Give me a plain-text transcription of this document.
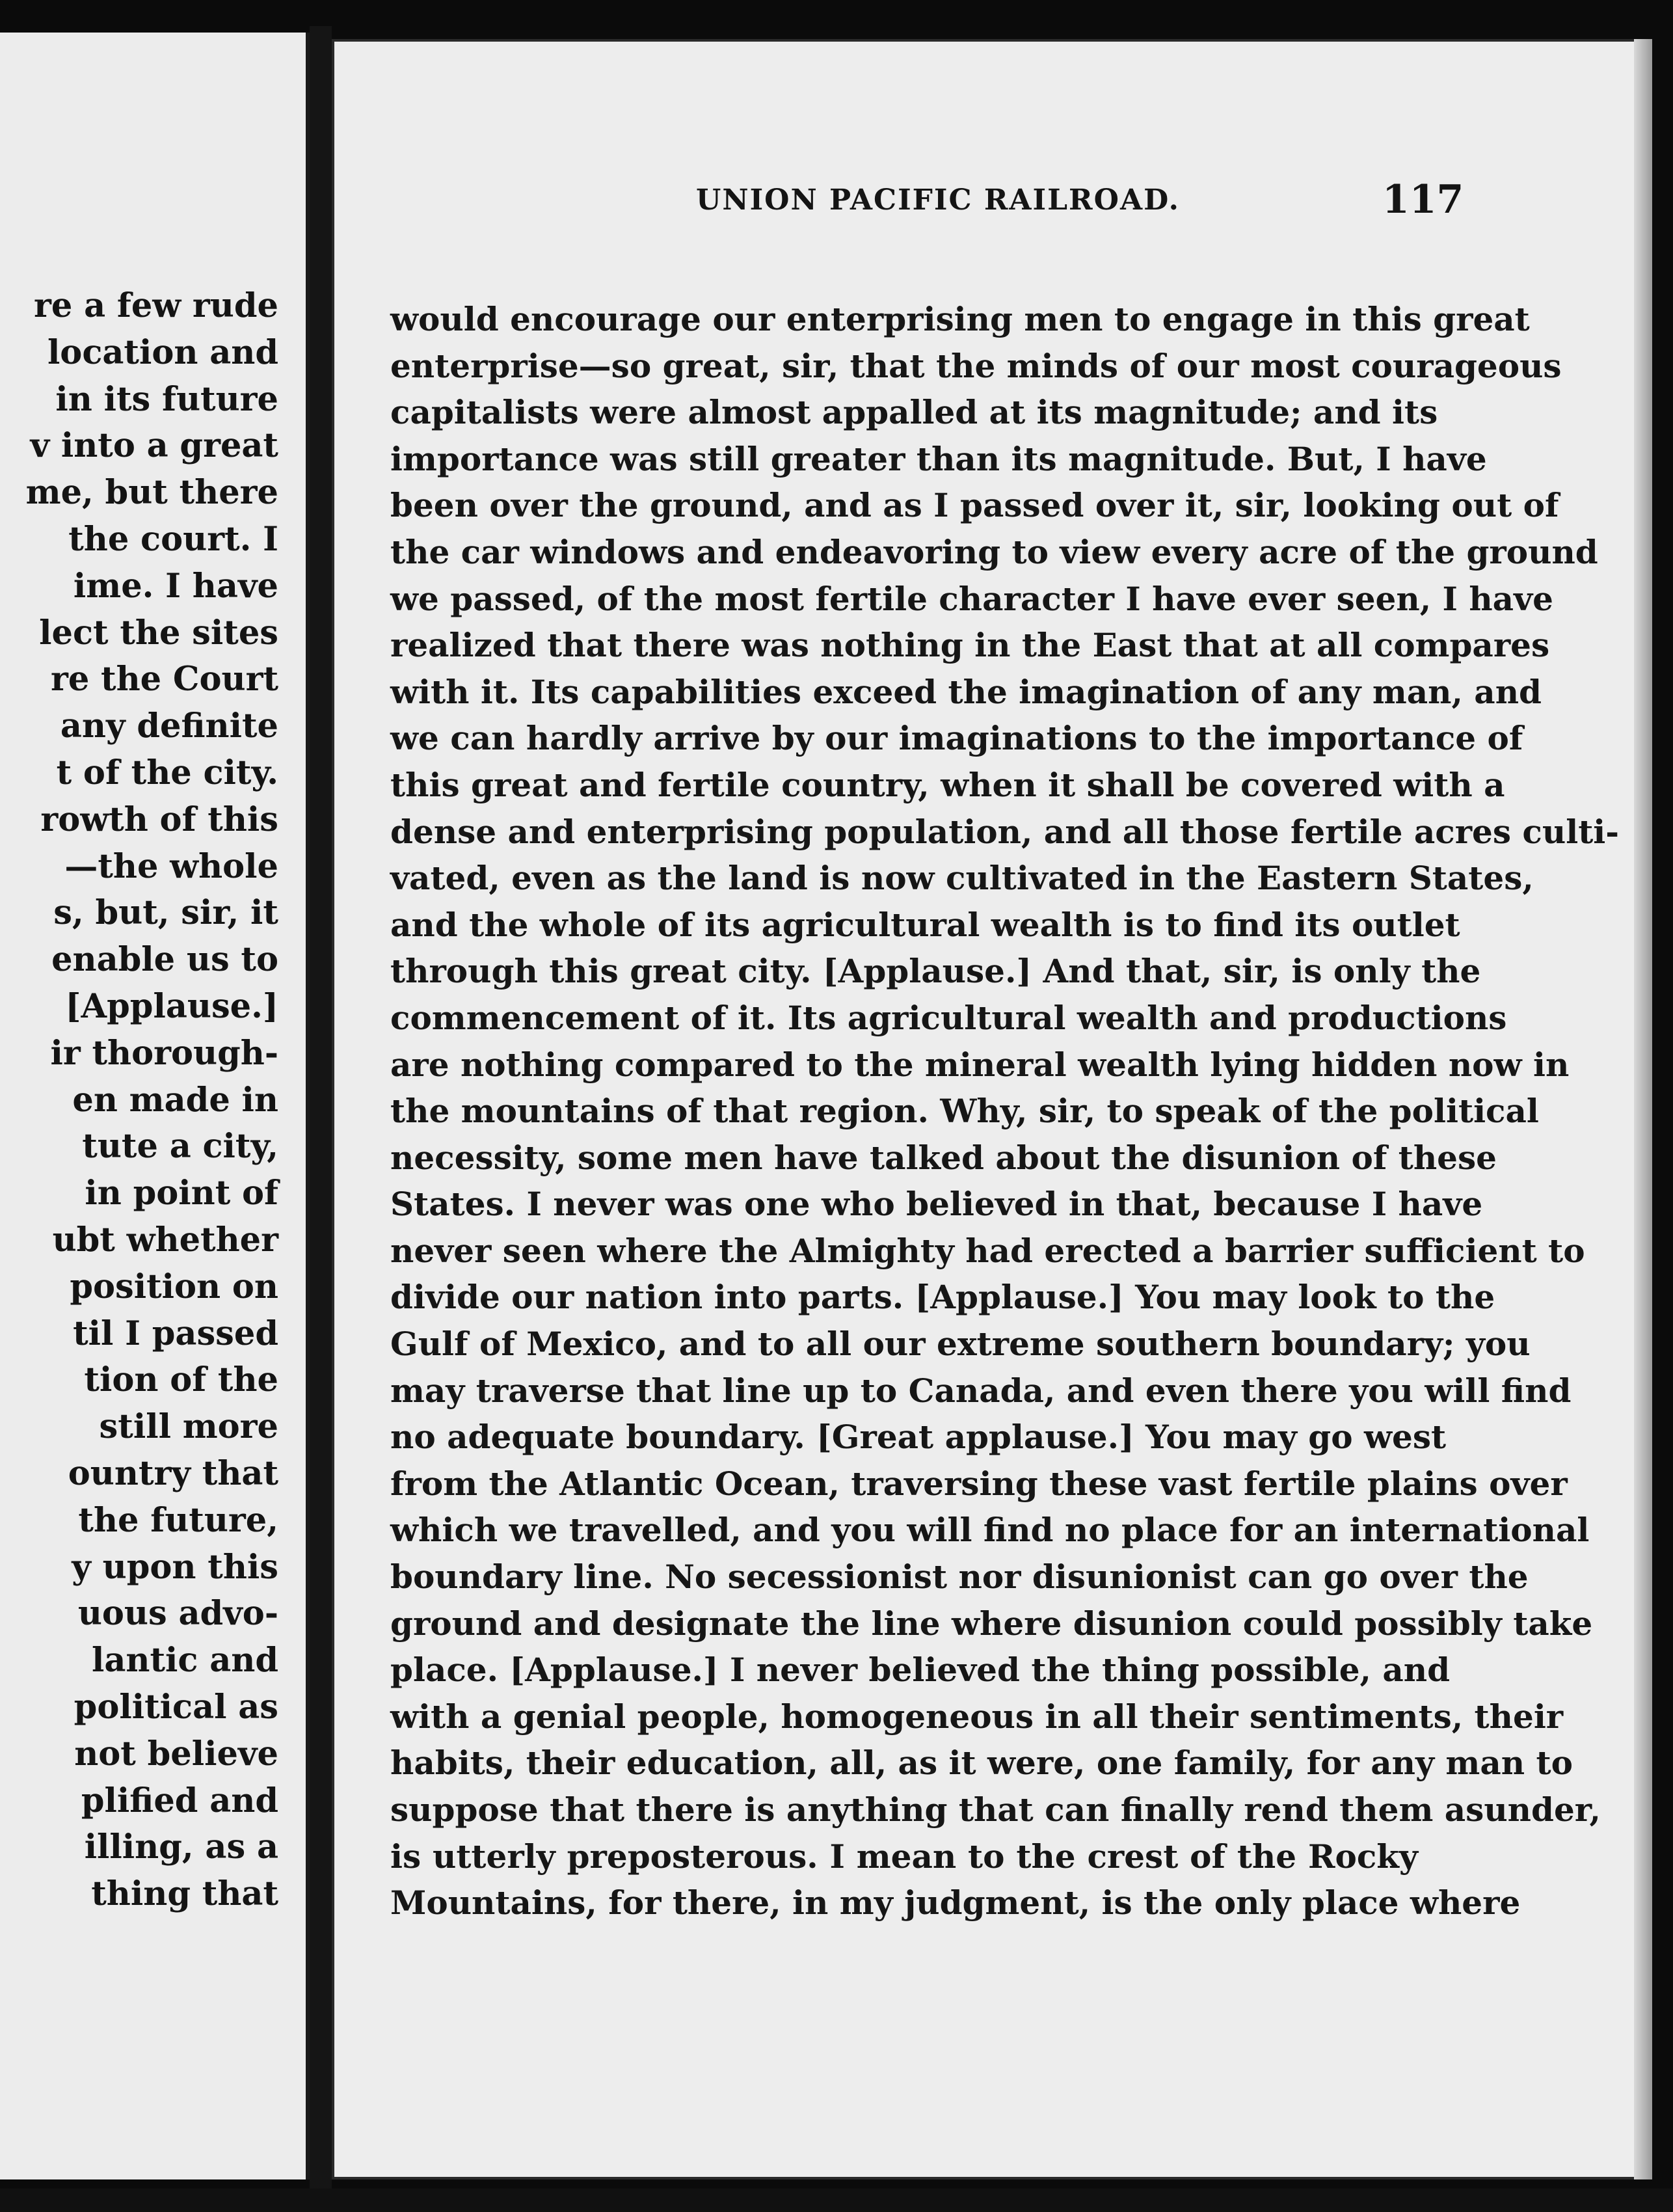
re a few rude
location and
in its future
v into a great
me, but there
the court. I
ime. I have
lect the sites
re the Court
any definite
t of the city.
rowth of this
—the whole
s, but, sir, it
enable us to
[Applause.]
ir thorough-
en made in
tute a city,
in point of
ubt whether
position on
til I passed
tion of the
still more
ountry that
the future,
y upon this
uous advo-
lantic and
political as
not believe
plified and
illing, as a
thing that
UNION PACIFIC RAILROAD.	117
would encourage our enterprising men to engage in this great
enterprise—so great, sir, that the minds of our most courageous
capitalists were almost appalled at its magnitude; and its
importance was still greater than its magnitude. But, I have
been over the ground, and as I passed over it, sir, looking out of
the car windows and endeavoring to view every acre of the ground
we passed, of the most fertile character I have ever seen, I have
realized that there was nothing in the East that at all compares
with it. Its capabilities exceed the imagination of any man, and
we can hardly arrive by our imaginations to the importance of
this great and fertile country, when it shall be covered with a
dense and enterprising population, and all those fertile acres culti-
vated, even as the land is now cultivated in the Eastern States,
and the whole of its agricultural wealth is to find its outlet
through this great city. [Applause.] And that, sir, is only the
commencement of it. Its agricultural wealth and productions
are nothing compared to the mineral wealth lying hidden now in
the mountains of that region. Why, sir, to speak of the political
necessity, some men have talked about the disunion of these
States. I never was one who believed in that, because I have
never seen where the Almighty had erected a barrier sufficient to
divide our nation into parts. [Applause.] You may look to the
Gulf of Mexico, and to all our extreme southern boundary; you
may traverse that line up to Canada, and even there you will find
no adequate boundary. [Great applause.] You may go west
from the Atlantic Ocean, traversing these vast fertile plains over
which we travelled, and you will find no place for an international
boundary line. No secessionist nor disunionist can go over the
ground and designate the line where disunion could possibly take
place. [Applause.] I never believed the thing possible, and
with a genial people, homogeneous in all their sentiments, their
habits, their education, all, as it were, one family, for any man to
suppose that there is anything that can finally rend them asunder,
is utterly preposterous. I mean to the crest of the Rocky
Mountains, for there, in my judgment, is the only place where
